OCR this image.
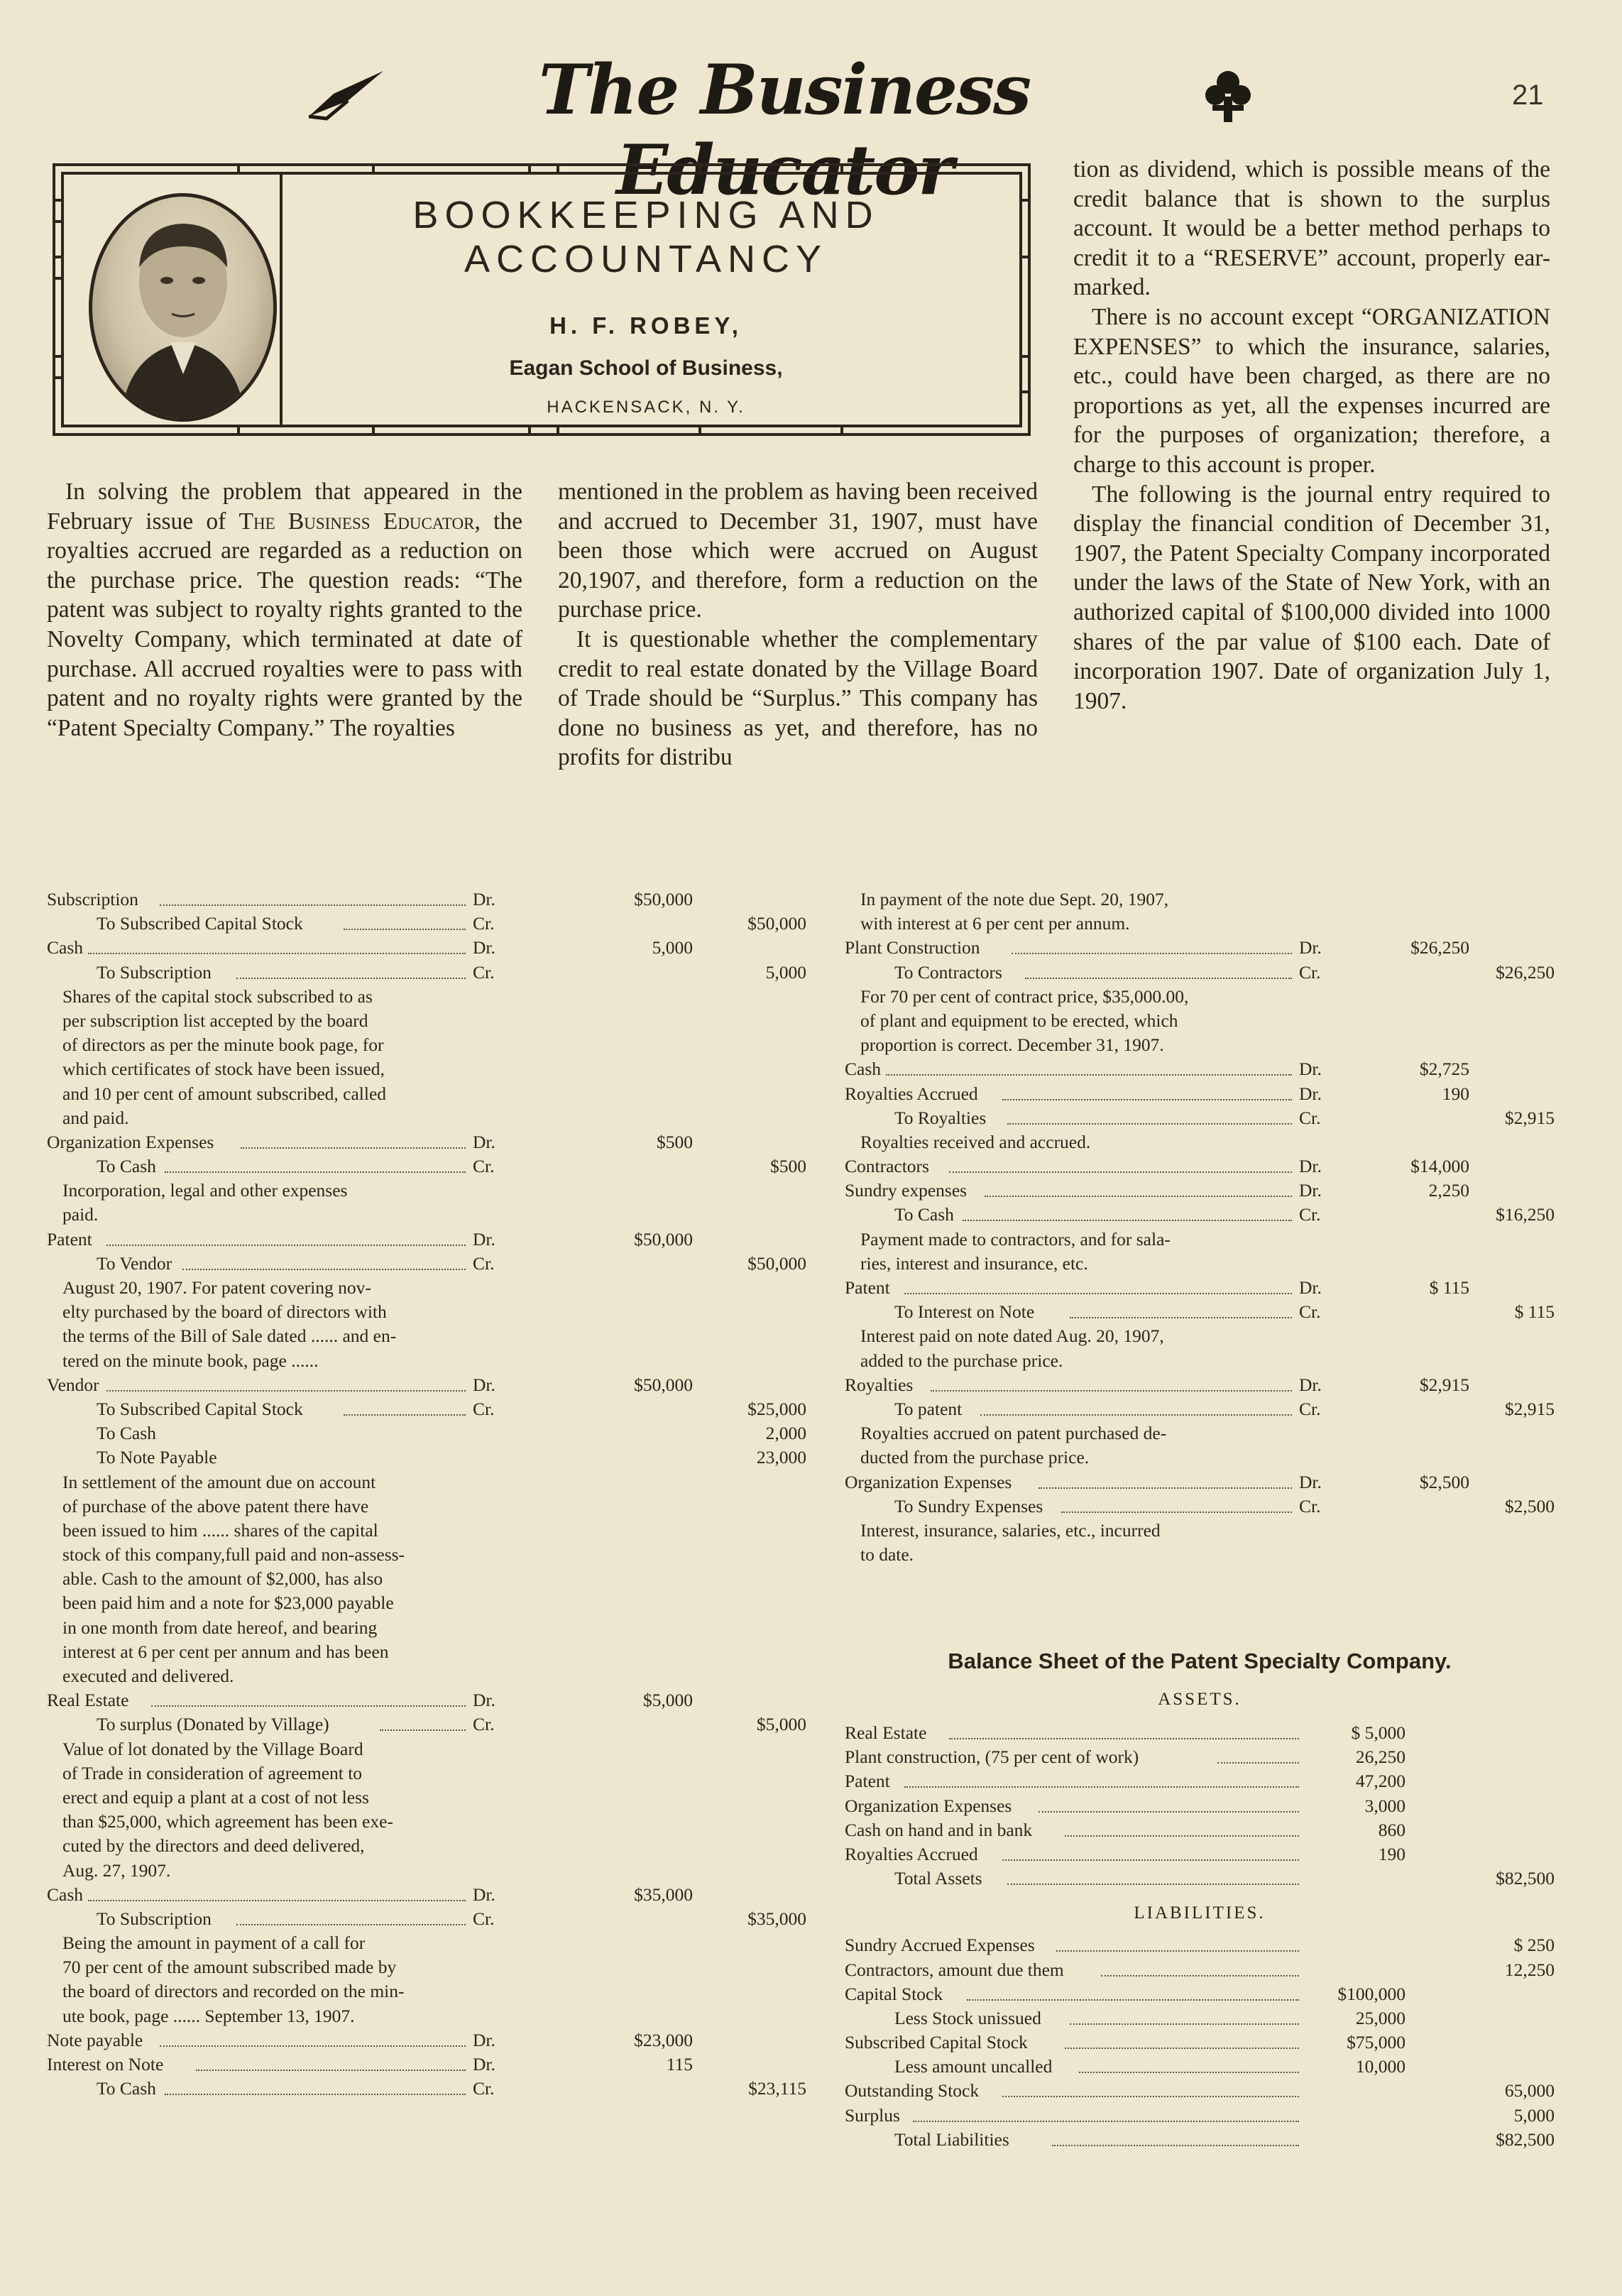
The Business Educator
21
BOOKKEEPING AND
ACCOUNTANCY
H. F. ROBEY,
Eagan School of Business,
HACKENSACK, N. Y.

In solving the problem that appeared in the February issue of The Business Educator, the royalties accrued are regarded as a reduction on the purchase price. The question reads: “The patent was subject to royalty rights granted to the Novelty Company, which terminated at date of purchase. All accrued royalties were to pass with patent and no royalty rights were granted by the “Patent Specialty Company.” The royalties

mentioned in the problem as having been received and accrued to December 31, 1907, must have been those which were accrued on August 20,1907, and therefore, form a reduction on the purchase price.

It is questionable whether the complementary credit to real estate donated by the Village Board of Trade should be “Surplus.” This company has done no business as yet, and therefore, has no profits for distribu

tion as dividend, which is possible means of the credit balance that is shown to the surplus account. It would be a better method perhaps to credit it to a “RESERVE” account, properly ear-marked.

There is no account except “ORGANIZATION EXPENSES” to which the insurance, salaries, etc., could have been charged, as there are no proportions as yet, all the expenses incurred are for the purposes of organization; therefore, a charge to this account is proper.

The following is the journal entry required to display the financial condition of December 31, 1907, the Patent Specialty Company incorporated under the laws of the State of New York, with an authorized capital of $100,000 divided into 1000 shares of the par value of $100 each. Date of incorporation 1907. Date of organization July 1, 1907.

Subscription	Dr.	$50,000
To Subscribed Capital Stock	Cr.	$50,000
Cash	Dr.	5,000
To Subscription	Cr.	5,000
Shares of the capital stock subscribed to as
per subscription list accepted by the board
of directors as per the minute book page, for
which certificates of stock have been issued,
and 10 per cent of amount subscribed, called
and paid.
Organization Expenses	Dr.	$500
To Cash	Cr.	$500
Incorporation, legal and other expenses
paid.
Patent	Dr.	$50,000
To Vendor	Cr.	$50,000
August 20, 1907. For patent covering nov-
elty purchased by the board of directors with
the terms of the Bill of Sale dated ...... and en-
tered on the minute book, page ......
Vendor	Dr.	$50,000
To Subscribed Capital Stock	Cr.	$25,000
To Cash	2,000
To Note Payable	23,000
In settlement of the amount due on account
of purchase of the above patent there have
been issued to him ...... shares of the capital
stock of this company,full paid and non-assess-
able. Cash to the amount of $2,000, has also
been paid him and a note for $23,000 payable
in one month from date hereof, and bearing
interest at 6 per cent per annum and has been
executed and delivered.
Real Estate	Dr.	$5,000
To surplus (Donated by Village)	Cr.	$5,000
Value of lot donated by the Village Board
of Trade in consideration of agreement to
erect and equip a plant at a cost of not less
than $25,000, which agreement has been exe-
cuted by the directors and deed delivered,
Aug. 27, 1907.
Cash	Dr.	$35,000
To Subscription	Cr.	$35,000
Being the amount in payment of a call for
70 per cent of the amount subscribed made by
the board of directors and recorded on the min-
ute book, page ...... September 13, 1907.
Note payable	Dr.	$23,000
Interest on Note	Dr.	115
To Cash	Cr.	$23,115
In payment of the note due Sept. 20, 1907,
with interest at 6 per cent per annum.
Plant Construction	Dr.	$26,250
To Contractors	Cr.	$26,250
For 70 per cent of contract price, $35,000.00,
of plant and equipment to be erected, which
proportion is correct. December 31, 1907.
Cash	Dr.	$2,725
Royalties Accrued	Dr.	190
To Royalties	Cr.	$2,915
Royalties received and accrued.
Contractors	Dr.	$14,000
Sundry expenses	Dr.	2,250
To Cash	Cr.	$16,250
Payment made to contractors, and for sala-
ries, interest and insurance, etc.
Patent	Dr.	$ 115
To Interest on Note	Cr.	$ 115
Interest paid on note dated Aug. 20, 1907,
added to the purchase price.
Royalties	Dr.	$2,915
To patent	Cr.	$2,915
Royalties accrued on patent purchased de-
ducted from the purchase price.
Organization Expenses	Dr.	$2,500
To Sundry Expenses	Cr.	$2,500
Interest, insurance, salaries, etc., incurred
to date.
Balance Sheet of the Patent Specialty Company.
ASSETS.
Real Estate	$ 5,000
Plant construction, (75 per cent of work)	26,250
Patent	47,200
Organization Expenses	3,000
Cash on hand and in bank	860
Royalties Accrued	190
Total Assets	$82,500
LIABILITIES.
Sundry Accrued Expenses	$ 250
Contractors, amount due them	12,250
Capital Stock	$100,000
Less Stock unissued	25,000
Subscribed Capital Stock	$75,000
Less amount uncalled	10,000
Outstanding Stock	65,000
Surplus	5,000
Total Liabilities	$82,500
